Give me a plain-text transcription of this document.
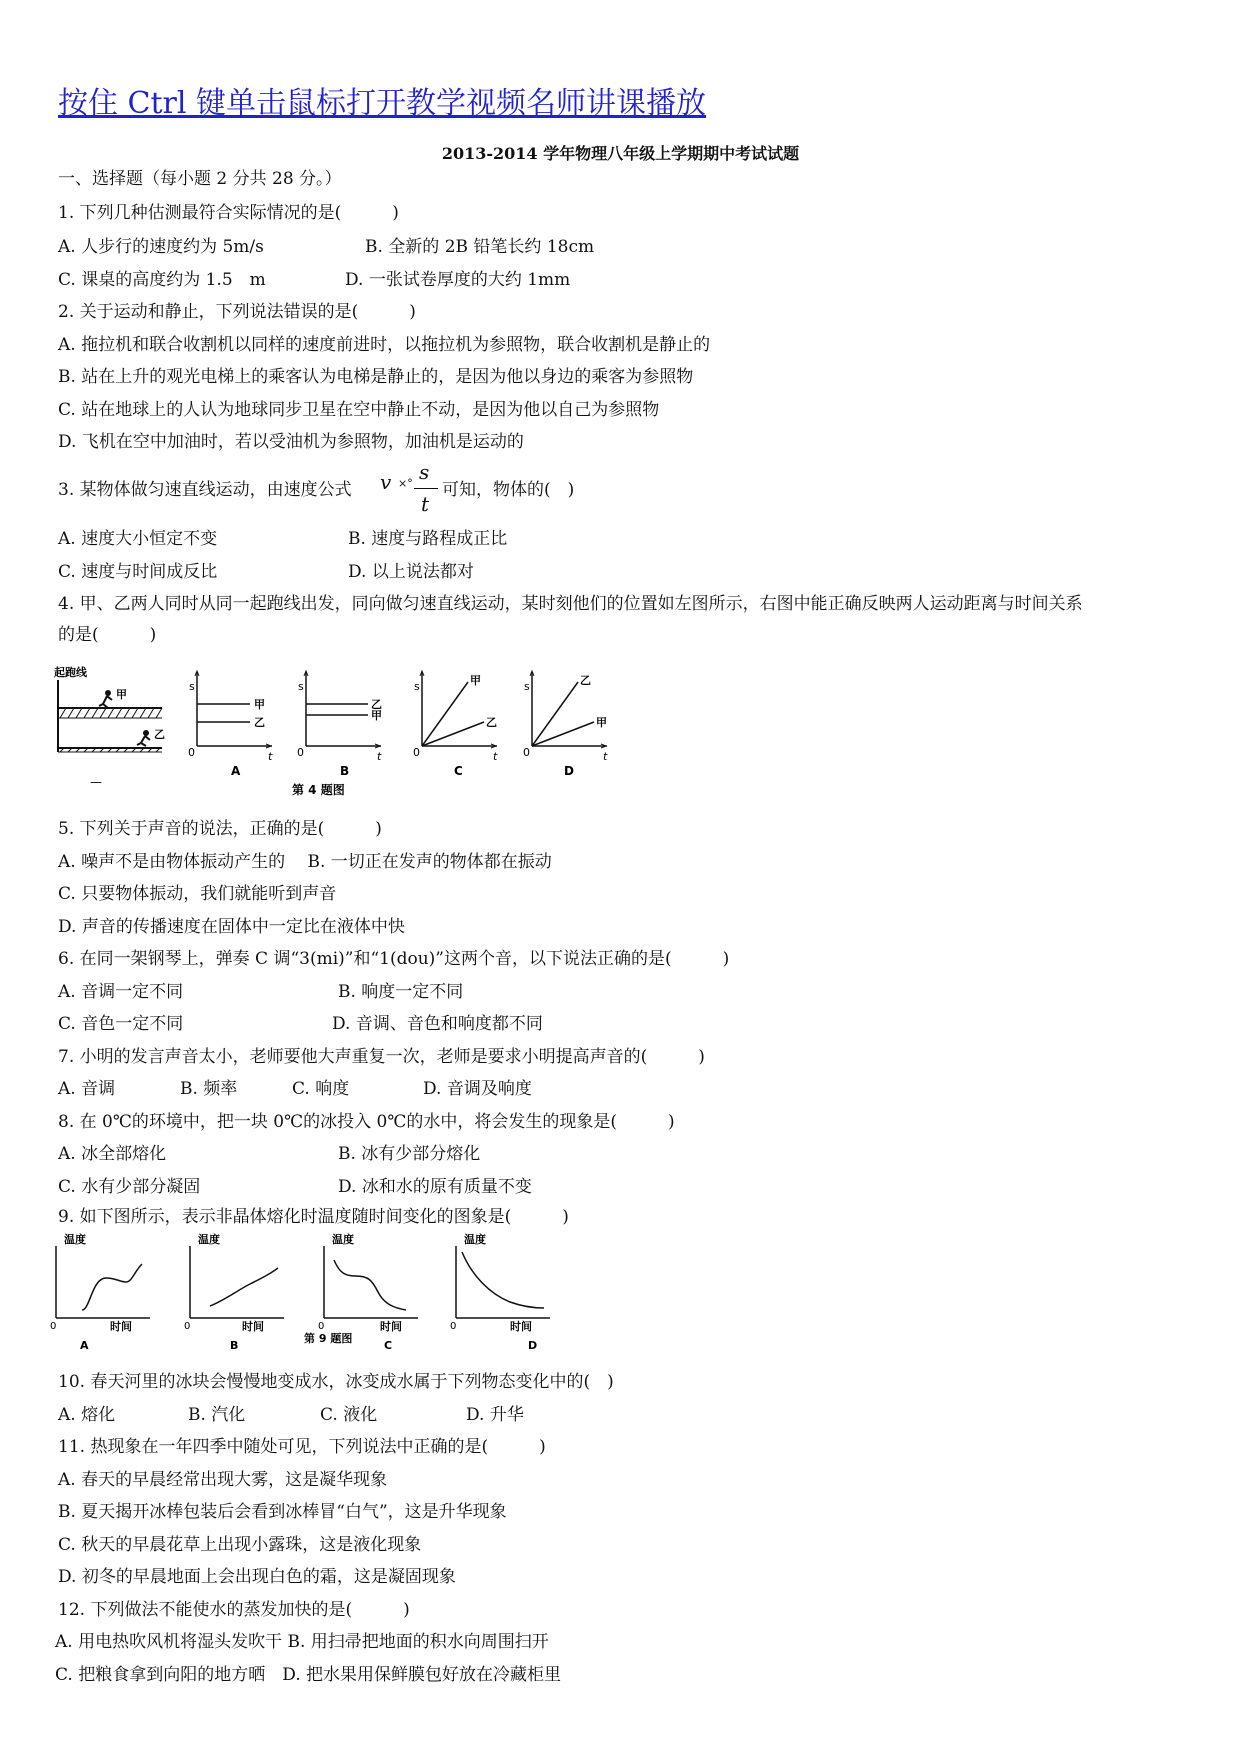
按住 Ctrl 键单击鼠标打开教学视频名师讲课播放
2013-2014 学年物理八年级上学期期中考试试题
一、选择题（每小题 2 分共 28 分。）
1. 下列几种估测最符合实际情况的是(　　　)
A. 人步行的速度约为 5m/s	B. 全新的 2B 铅笔长约 18cm
C. 课桌的高度约为 1.5　m	D. 一张试卷厚度的大约 1mm
2. 关于运动和静止，下列说法错误的是(　　　)
A. 拖拉机和联合收割机以同样的速度前进时，以拖拉机为参照物，联合收割机是静止的
B. 站在上升的观光电梯上的乘客认为电梯是静止的，是因为他以身边的乘客为参照物
C. 站在地球上的人认为地球同步卫星在空中静止不动，是因为他以自己为参照物
D. 飞机在空中加油时，若以受油机为参照物，加油机是运动的
3. 某物体做匀速直线运动，由速度公式 v ×° s
t
可知，物体的(　)
A. 速度大小恒定不变	B. 速度与路程成正比
C. 速度与时间成反比	D. 以上说法都对
4. 甲、乙两人同时从同一起跑线出发，同向做匀速直线运动，某时刻他们的位置如左图所示，右图中能正确反映两人运动距离与时间关系
的是(　　　)
起跑线
甲
乙
—
s
t
0
甲
乙
A
s
t
0
乙
甲
B
s
t
0
甲
乙
C
s
t
0
乙
甲
D
第 4 题图
5. 下列关于声音的说法，正确的是(　　　)
A. 噪声不是由物体振动产生的　 B. 一切正在发声的物体都在振动
C. 只要物体振动，我们就能听到声音
D. 声音的传播速度在固体中一定比在液体中快
6. 在同一架钢琴上，弹奏 C 调“3(mi)”和“1(dou)”这两个音，以下说法正确的是(　　　)
A. 音调一定不同	B. 响度一定不同
C. 音色一定不同	D. 音调、音色和响度都不同
7. 小明的发言声音太小，老师要他大声重复一次，老师是要求小明提高声音的(　　　)
A. 音调	B. 频率	C. 响度	D. 音调及响度
8. 在 0℃的环境中，把一块 0℃的冰投入 0℃的水中，将会发生的现象是(　　　)
A. 冰全部熔化	B. 冰有少部分熔化
C. 水有少部分凝固	D. 冰和水的原有质量不变
9. 如下图所示，表示非晶体熔化时温度随时间变化的图象是(　　　)
温度
0	时间
A
温度
0	时间
B
温度
0	时间
温度
0	时间
D
第 9 题图
C
10. 春天河里的冰块会慢慢地变成水，冰变成水属于下列物态变化中的(　)
A. 熔化	B. 汽化	C. 液化	D. 升华
11. 热现象在一年四季中随处可见，下列说法中正确的是(　　　)
A. 春天的早晨经常出现大雾，这是凝华现象
B. 夏天揭开冰棒包装后会看到冰棒冒“白气”，这是升华现象
C. 秋天的早晨花草上出现小露珠，这是液化现象
D. 初冬的早晨地面上会出现白色的霜，这是凝固现象
12. 下列做法不能使水的蒸发加快的是(　　　)
A. 用电热吹风机将湿头发吹干 B. 用扫帚把地面的积水向周围扫开
C. 把粮食拿到向阳的地方晒　D. 把水果用保鲜膜包好放在冷藏柜里
